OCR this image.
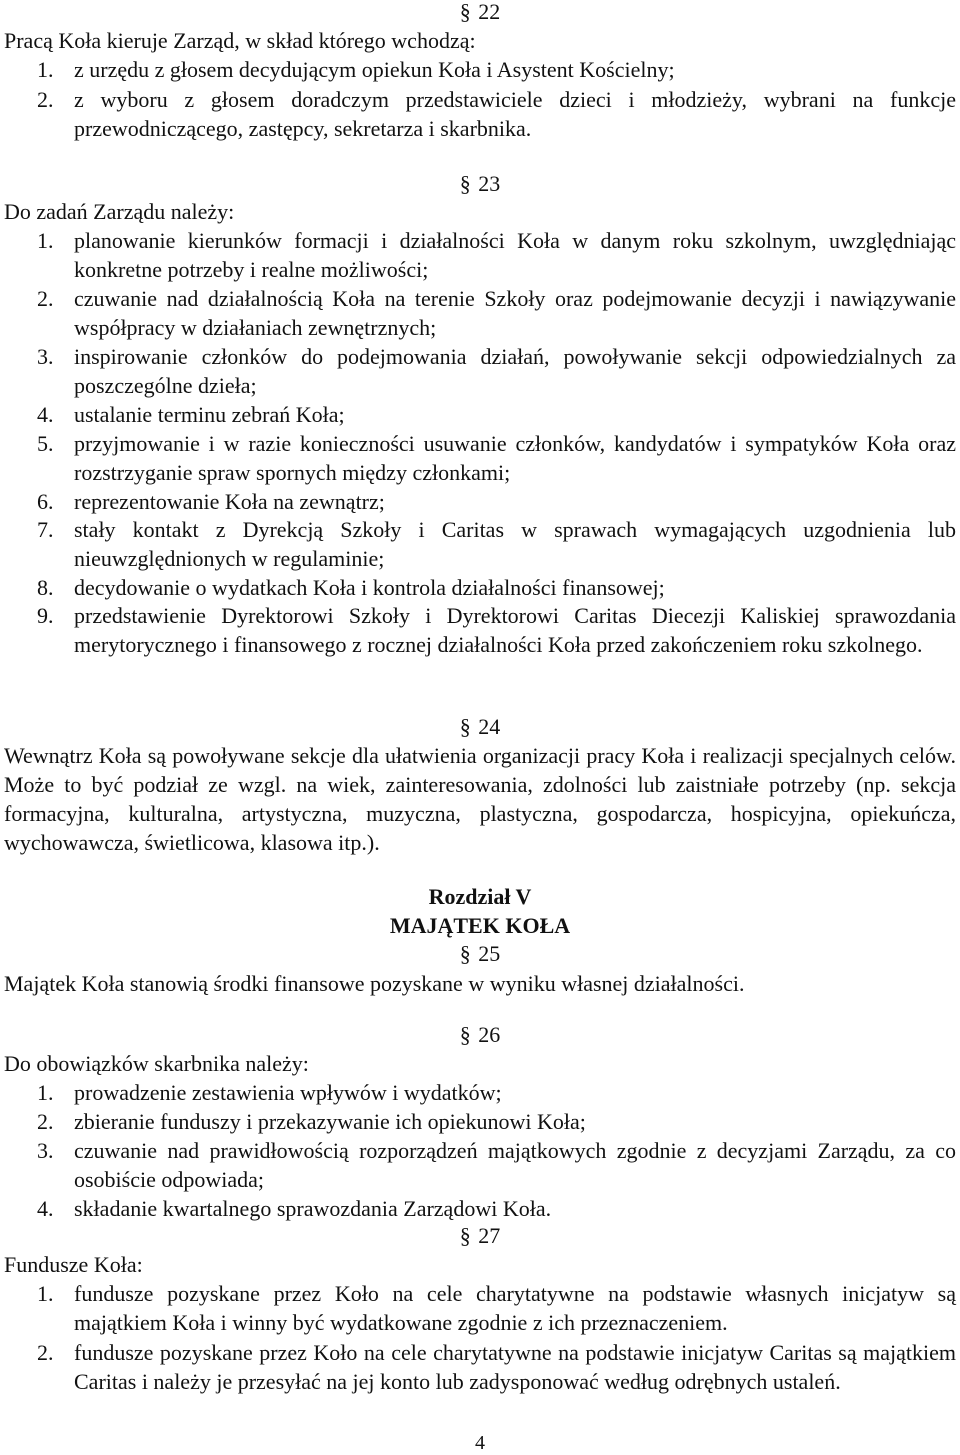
§ 22

Pracą Koła kieruje Zarząd, w skład którego wchodzą:

1. z urzędu z głosem decydującym opiekun Koła i Asystent Kościelny;
2. z wyboru z głosem doradczym przedstawiciele dzieci i młodzieży, wybrani na funkcje przewodniczącego, zastępcy, sekretarza i skarbnika.

§ 23

Do zadań Zarządu należy:

1. planowanie kierunków formacji i działalności Koła w danym roku szkolnym, uwzględniając konkretne potrzeby i realne możliwości;
2. czuwanie nad działalnością Koła na terenie Szkoły oraz podejmowanie decyzji i nawiązywanie współpracy w działaniach zewnętrznych;
3. inspirowanie członków do podejmowania działań, powoływanie sekcji odpowiedzialnych za poszczególne dzieła;
4. ustalanie terminu zebrań Koła;
5. przyjmowanie i w razie konieczności usuwanie członków, kandydatów i sympatyków Koła oraz rozstrzyganie spraw spornych między członkami;
6. reprezentowanie Koła na zewnątrz;
7. stały kontakt z Dyrekcją Szkoły i Caritas w sprawach wymagających uzgodnienia lub nieuwzględnionych w regulaminie;
8. decydowanie o wydatkach Koła i kontrola działalności finansowej;
9. przedstawienie Dyrektorowi Szkoły i Dyrektorowi Caritas Diecezji Kaliskiej sprawozdania merytorycznego i finansowego z rocznej działalności Koła przed zakończeniem roku szkolnego.

§ 24

Wewnątrz Koła są powoływane sekcje dla ułatwienia organizacji pracy Koła i realizacji specjalnych celów. Może to być podział ze wzgl. na wiek, zainteresowania, zdolności lub zaistniałe potrzeby (np. sekcja formacyjna, kulturalna, artystyczna, muzyczna, plastyczna, gospodarcza, hospicyjna, opiekuńcza, wychowawcza, świetlicowa, klasowa itp.).

Rozdział V

MAJĄTEK KOŁA

§ 25

Majątek Koła stanowią środki finansowe pozyskane w wyniku własnej działalności.

§ 26

Do obowiązków skarbnika należy:

1. prowadzenie zestawienia wpływów i wydatków;
2. zbieranie funduszy i przekazywanie ich opiekunowi Koła;
3. czuwanie nad prawidłowością rozporządzeń majątkowych zgodnie z decyzjami Zarządu, za co osobiście odpowiada;
4. składanie kwartalnego sprawozdania Zarządowi Koła.

§ 27

Fundusze Koła:

1. fundusze pozyskane przez Koło na cele charytatywne na podstawie własnych inicjatyw są majątkiem Koła i winny być wydatkowane zgodnie z ich przeznaczeniem.
2. fundusze pozyskane przez Koło na cele charytatywne na podstawie inicjatyw Caritas są majątkiem Caritas i należy je przesyłać na jej konto lub zadysponować według odrębnych ustaleń.
4
